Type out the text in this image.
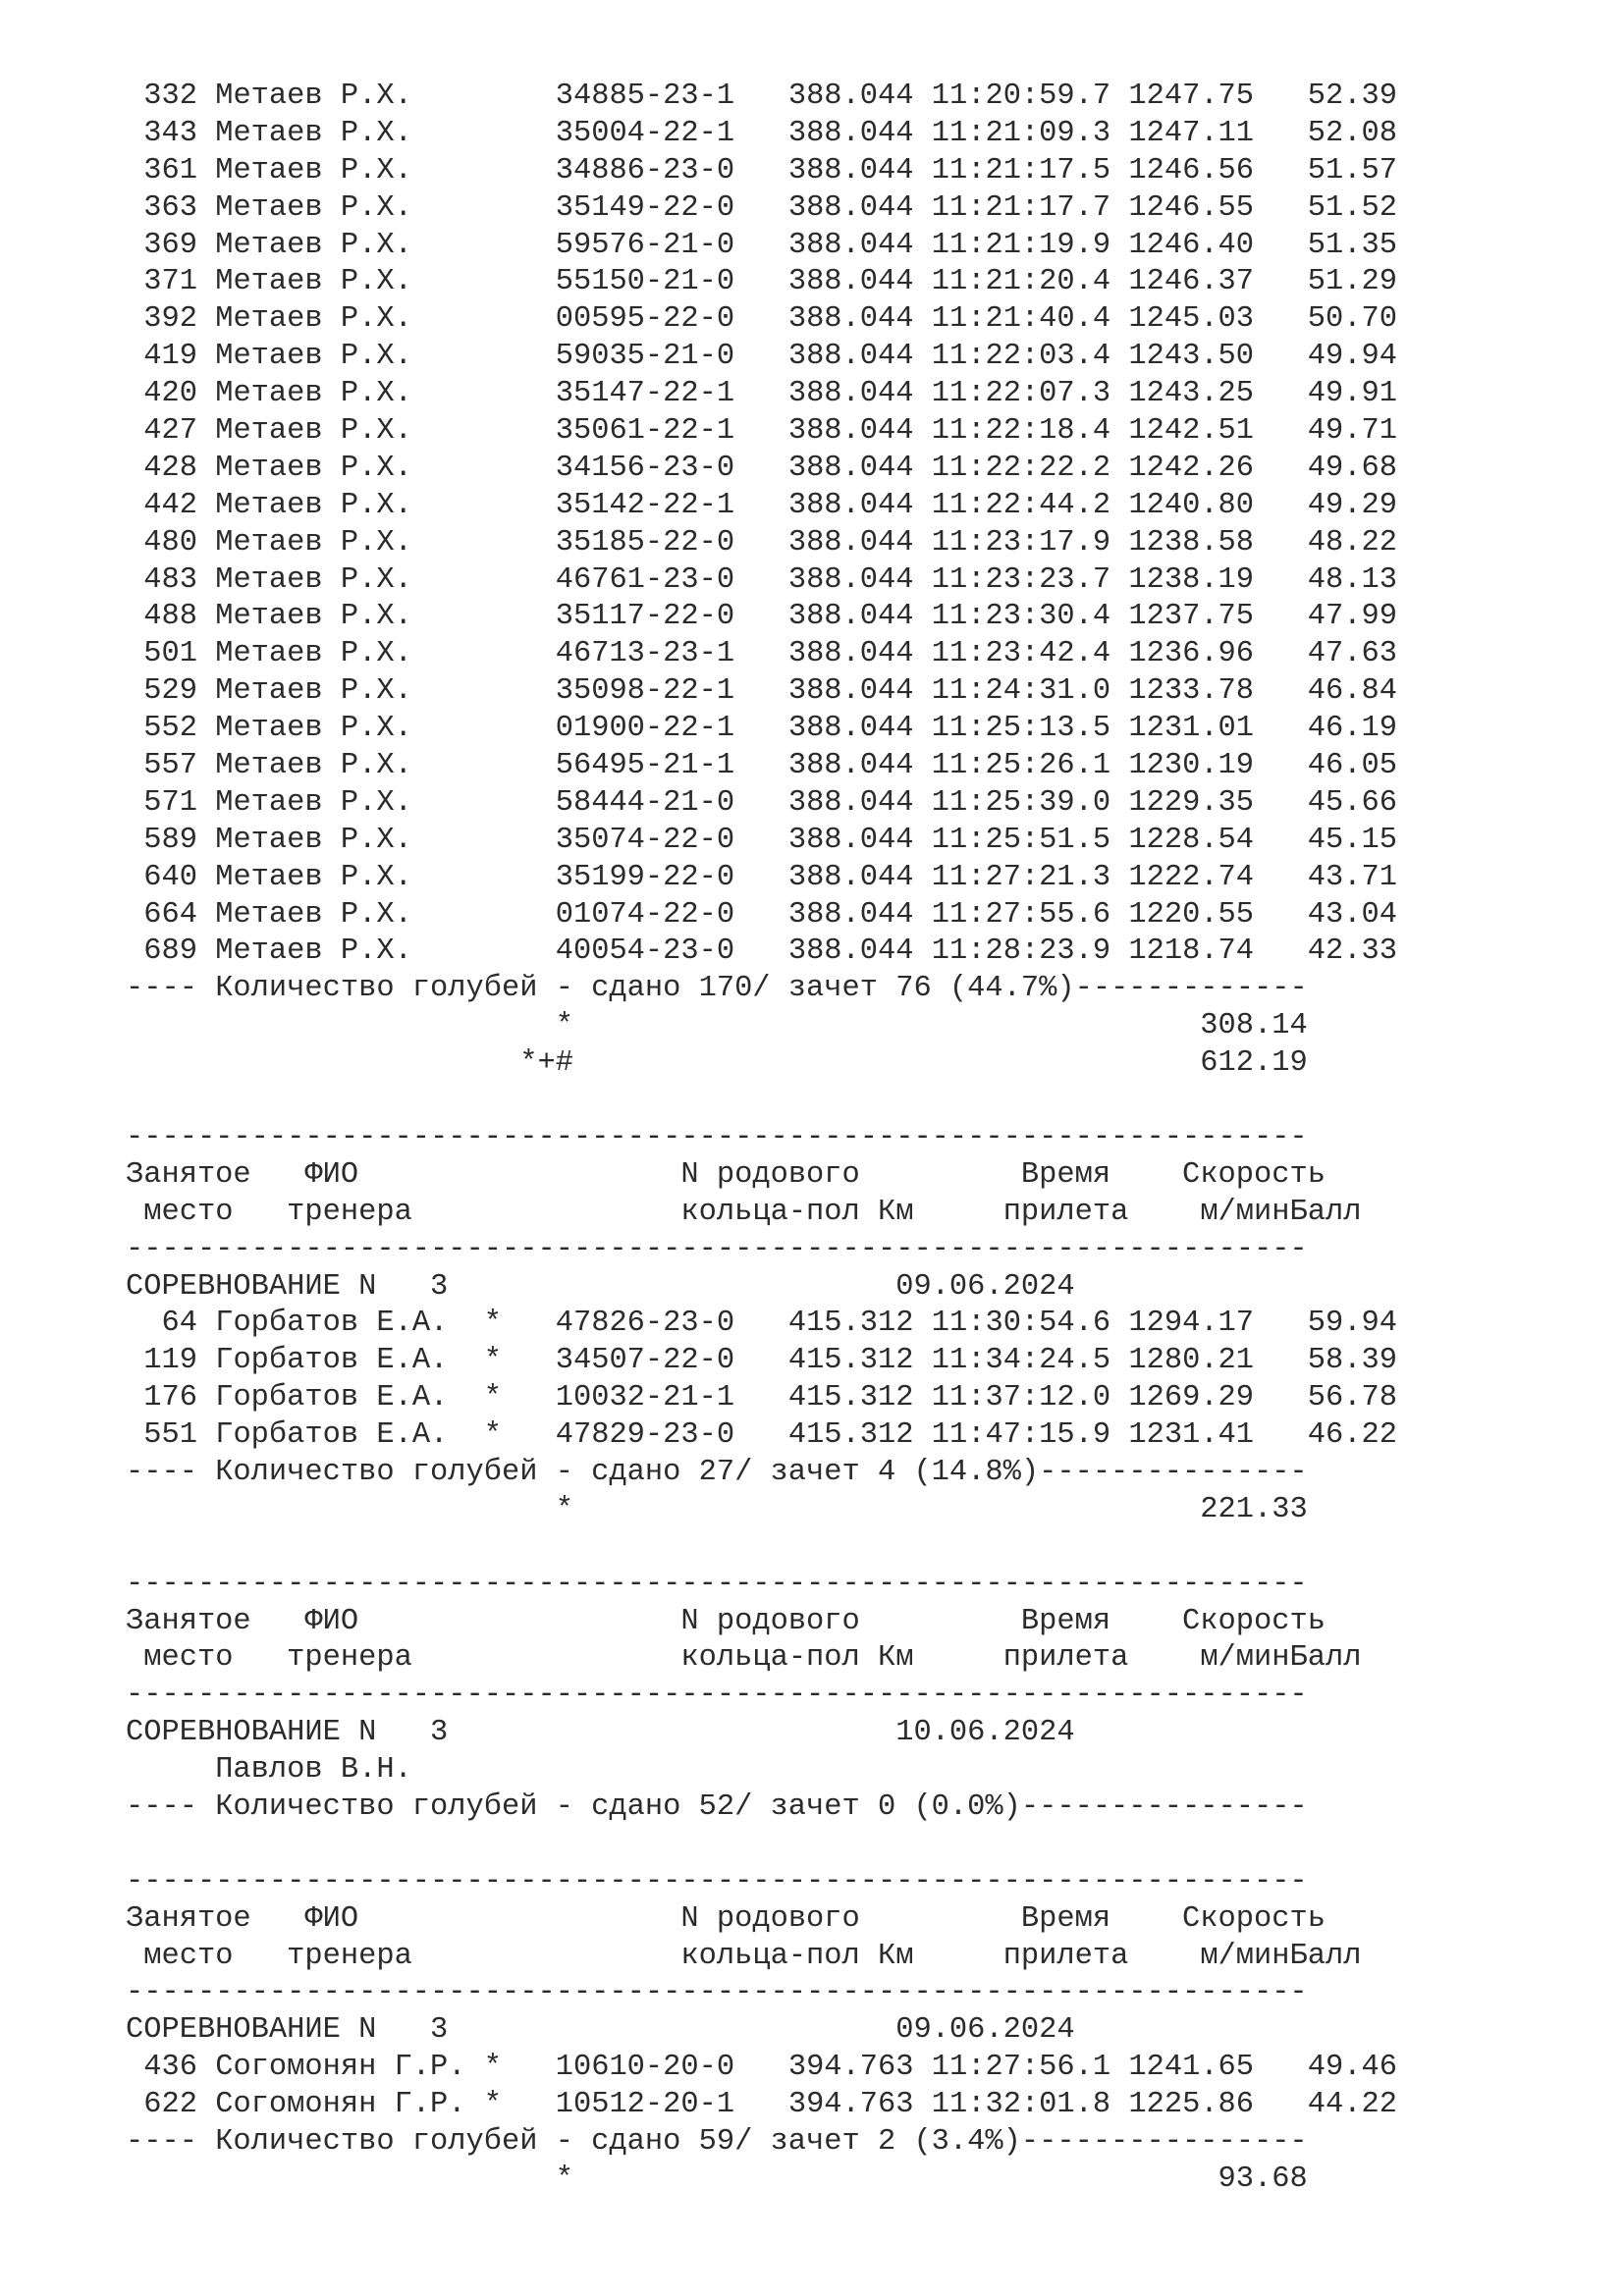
332 Метаев Р.Х.        34885-23-1 388.044 11:20:59.7 1247.75 52.39
343 Метаев Р.Х.        35004-22-1 388.044 11:21:09.3 1247.11 52.08
361 Метаев Р.Х.        34886-23-0 388.044 11:21:17.5 1246.56 51.57
363 Метаев Р.Х.        35149-22-0 388.044 11:21:17.7 1246.55 51.52
369 Метаев Р.Х.        59576-21-0 388.044 11:21:19.9 1246.40 51.35
371 Метаев Р.Х.        55150-21-0 388.044 11:21:20.4 1246.37 51.29
392 Метаев Р.Х.        00595-22-0 388.044 11:21:40.4 1245.03 50.70
419 Метаев Р.Х.        59035-21-0 388.044 11:22:03.4 1243.50 49.94
420 Метаев Р.Х.        35147-22-1 388.044 11:22:07.3 1243.25 49.91
427 Метаев Р.Х.        35061-22-1 388.044 11:22:18.4 1242.51 49.71
428 Метаев Р.Х.        34156-23-0 388.044 11:22:22.2 1242.26 49.68
442 Метаев Р.Х.        35142-22-1 388.044 11:22:44.2 1240.80 49.29
480 Метаев Р.Х.        35185-22-0 388.044 11:23:17.9 1238.58 48.22
483 Метаев Р.Х.        46761-23-0 388.044 11:23:23.7 1238.19 48.13
488 Метаев Р.Х.        35117-22-0 388.044 11:23:30.4 1237.75 47.99
501 Метаев Р.Х.        46713-23-1 388.044 11:23:42.4 1236.96 47.63
529 Метаев Р.Х.        35098-22-1 388.044 11:24:31.0 1233.78 46.84
552 Метаев Р.Х.        01900-22-1 388.044 11:25:13.5 1231.01 46.19
557 Метаев Р.Х.        56495-21-1 388.044 11:25:26.1 1230.19 46.05
571 Метаев Р.Х.        58444-21-0 388.044 11:25:39.0 1229.35 45.66
589 Метаев Р.Х.        35074-22-0 388.044 11:25:51.5 1228.54 45.15
640 Метаев Р.Х.        35199-22-0 388.044 11:27:21.3 1222.74 43.71
664 Метаев Р.Х.        01074-22-0 388.044 11:27:55.6 1220.55 43.04
689 Метаев Р.Х.        40054-23-0 388.044 11:28:23.9 1218.74 42.33
---- Количество голубей - сдано 170/ зачет 76 (44.7%)-------------
*	308.14
*+#	612.19
------------------------------------------------------------------
Занятое ФИО	N родового	Время Скорость
место тренера	кольца-пол Км	прилета м/минБалл
------------------------------------------------------------------
СОРЕВНОВАНИЕ N   3	09.06.2024
64 Горбатов Е.А.  * 47826-23-0 415.312 11:30:54.6 1294.17 59.94
119 Горбатов Е.А.  * 34507-22-0 415.312 11:34:24.5 1280.21 58.39
176 Горбатов Е.А.  * 10032-21-1 415.312 11:37:12.0 1269.29 56.78
551 Горбатов Е.А.  * 47829-23-0 415.312 11:47:15.9 1231.41 46.22
---- Количество голубей - сдано 27/ зачет 4 (14.8%)---------------
*	221.33
------------------------------------------------------------------
Занятое ФИО	N родового	Время Скорость
место тренера	кольца-пол Км	прилета м/минБалл
------------------------------------------------------------------
СОРЕВНОВАНИЕ N   3	10.06.2024
Павлов В.Н.
---- Количество голубей - сдано 52/ зачет 0 (0.0%)----------------
------------------------------------------------------------------
Занятое ФИО	N родового	Время Скорость
место тренера	кольца-пол Км	прилета м/минБалл
------------------------------------------------------------------
СОРЕВНОВАНИЕ N   3	09.06.2024
436 Согомонян Г.Р. * 10610-20-0 394.763 11:27:56.1 1241.65 49.46
622 Согомонян Г.Р. * 10512-20-1 394.763 11:32:01.8 1225.86 44.22
---- Количество голубей - сдано 59/ зачет 2 (3.4%)----------------
*	93.68
